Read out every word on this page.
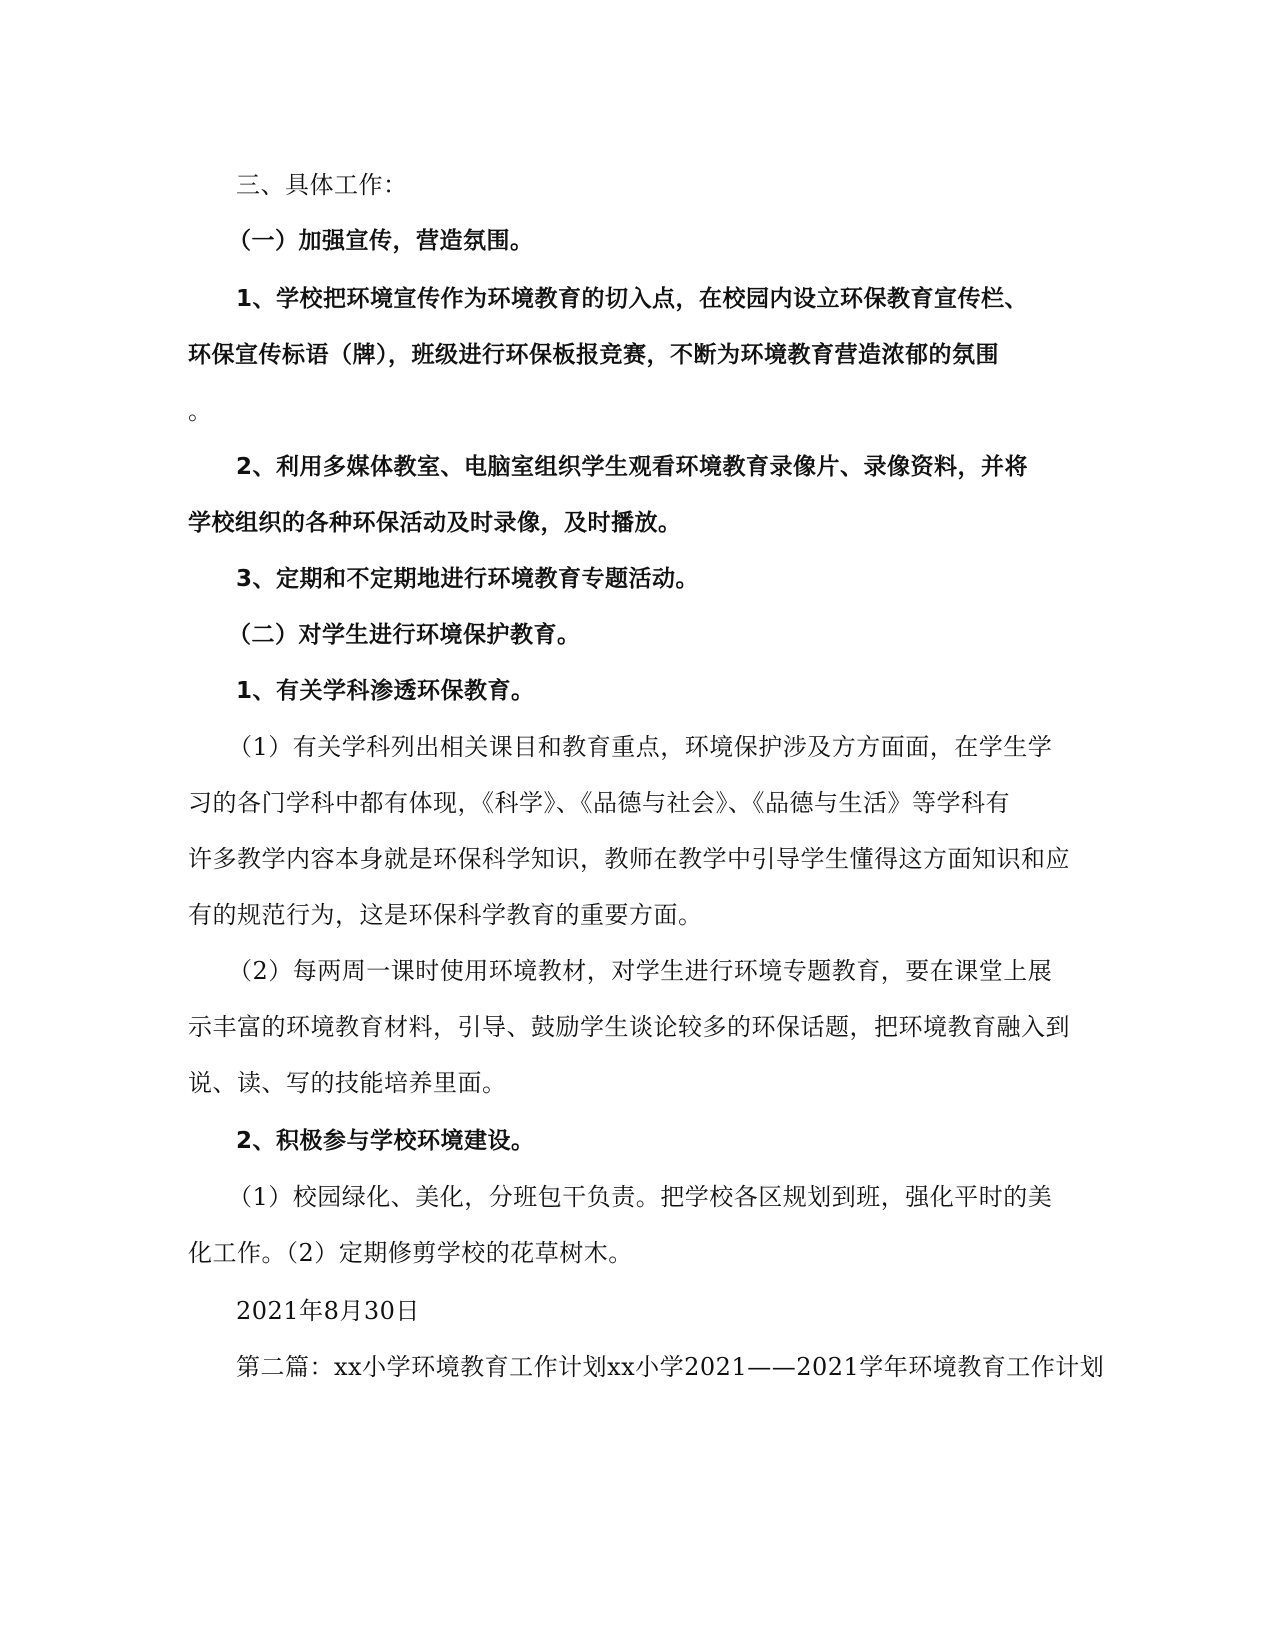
三、具体工作：
（一）加强宣传，营造氛围。
1、学校把环境宣传作为环境教育的切入点，在校园内设立环保教育宣传栏、
环保宣传标语（牌），班级进行环保板报竞赛，不断为环境教育营造浓郁的氛围
。
2、利用多媒体教室、电脑室组织学生观看环境教育录像片、录像资料，并将
学校组织的各种环保活动及时录像，及时播放。
3、定期和不定期地进行环境教育专题活动。
（二）对学生进行环境保护教育。
1、有关学科渗透环保教育。
（1）有关学科列出相关课目和教育重点，环境保护涉及方方面面，在学生学
习的各门学科中都有体现，《科学》、《品德与社会》、《品德与生活》等学科有
许多教学内容本身就是环保科学知识，教师在教学中引导学生懂得这方面知识和应
有的规范行为，这是环保科学教育的重要方面。
（2）每两周一课时使用环境教材，对学生进行环境专题教育，要在课堂上展
示丰富的环境教育材料，引导、鼓励学生谈论较多的环保话题，把环境教育融入到
说、读、写的技能培养里面。
2、积极参与学校环境建设。
（1）校园绿化、美化，分班包干负责。把学校各区规划到班，强化平时的美
化工作。（2）定期修剪学校的花草树木。
2021年8月30日
第二篇：xx小学环境教育工作计划xx小学2021——2021学年环境教育工作计划
